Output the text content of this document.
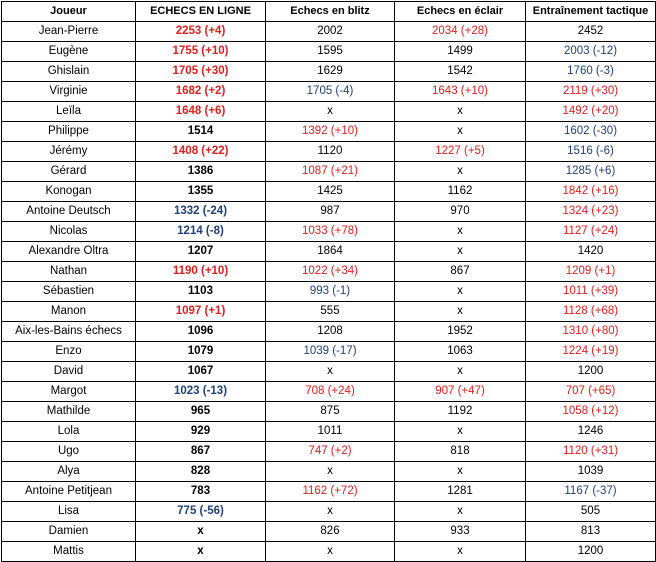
Joueur	ECHECS EN LIGNE	Echecs en blitz	Echecs en éclair	Entraînement tactique
Jean-Pierre	2253 (+4)	2002	2034 (+28)	2452
Eugène	1755 (+10)	1595	1499	2003 (-12)
Ghislain	1705 (+30)	1629	1542	1760 (-3)
Virginie	1682 (+2)	1705 (-4)	1643 (+10)	2119 (+30)
Leïla	1648 (+6)	x	x	1492 (+20)
Philippe	1514	1392 (+10)	x	1602 (-30)
Jérémy	1408 (+22)	1120	1227 (+5)	1516 (-6)
Gérard	1386	1087 (+21)	x	1285 (+6)
Konogan	1355	1425	1162	1842 (+16)
Antoine Deutsch	1332 (-24)	987	970	1324 (+23)
Nicolas	1214 (-8)	1033 (+78)	x	1127 (+24)
Alexandre Oltra	1207	1864	x	1420
Nathan	1190 (+10)	1022 (+34)	867	1209 (+1)
Sébastien	1103	993 (-1)	x	1011 (+39)
Manon	1097 (+1)	555	x	1128 (+68)
Aix-les-Bains échecs	1096	1208	1952	1310 (+80)
Enzo	1079	1039 (-17)	1063	1224 (+19)
David	1067	x	x	1200
Margot	1023 (-13)	708 (+24)	907 (+47)	707 (+65)
Mathilde	965	875	1192	1058 (+12)
Lola	929	1011	x	1246
Ugo	867	747 (+2)	818	1120 (+31)
Alya	828	x	x	1039
Antoine Petitjean	783	1162 (+72)	1281	1167 (-37)
Lisa	775 (-56)	x	x	505
Damien	x	826	933	813
Mattis	x	x	x	1200
